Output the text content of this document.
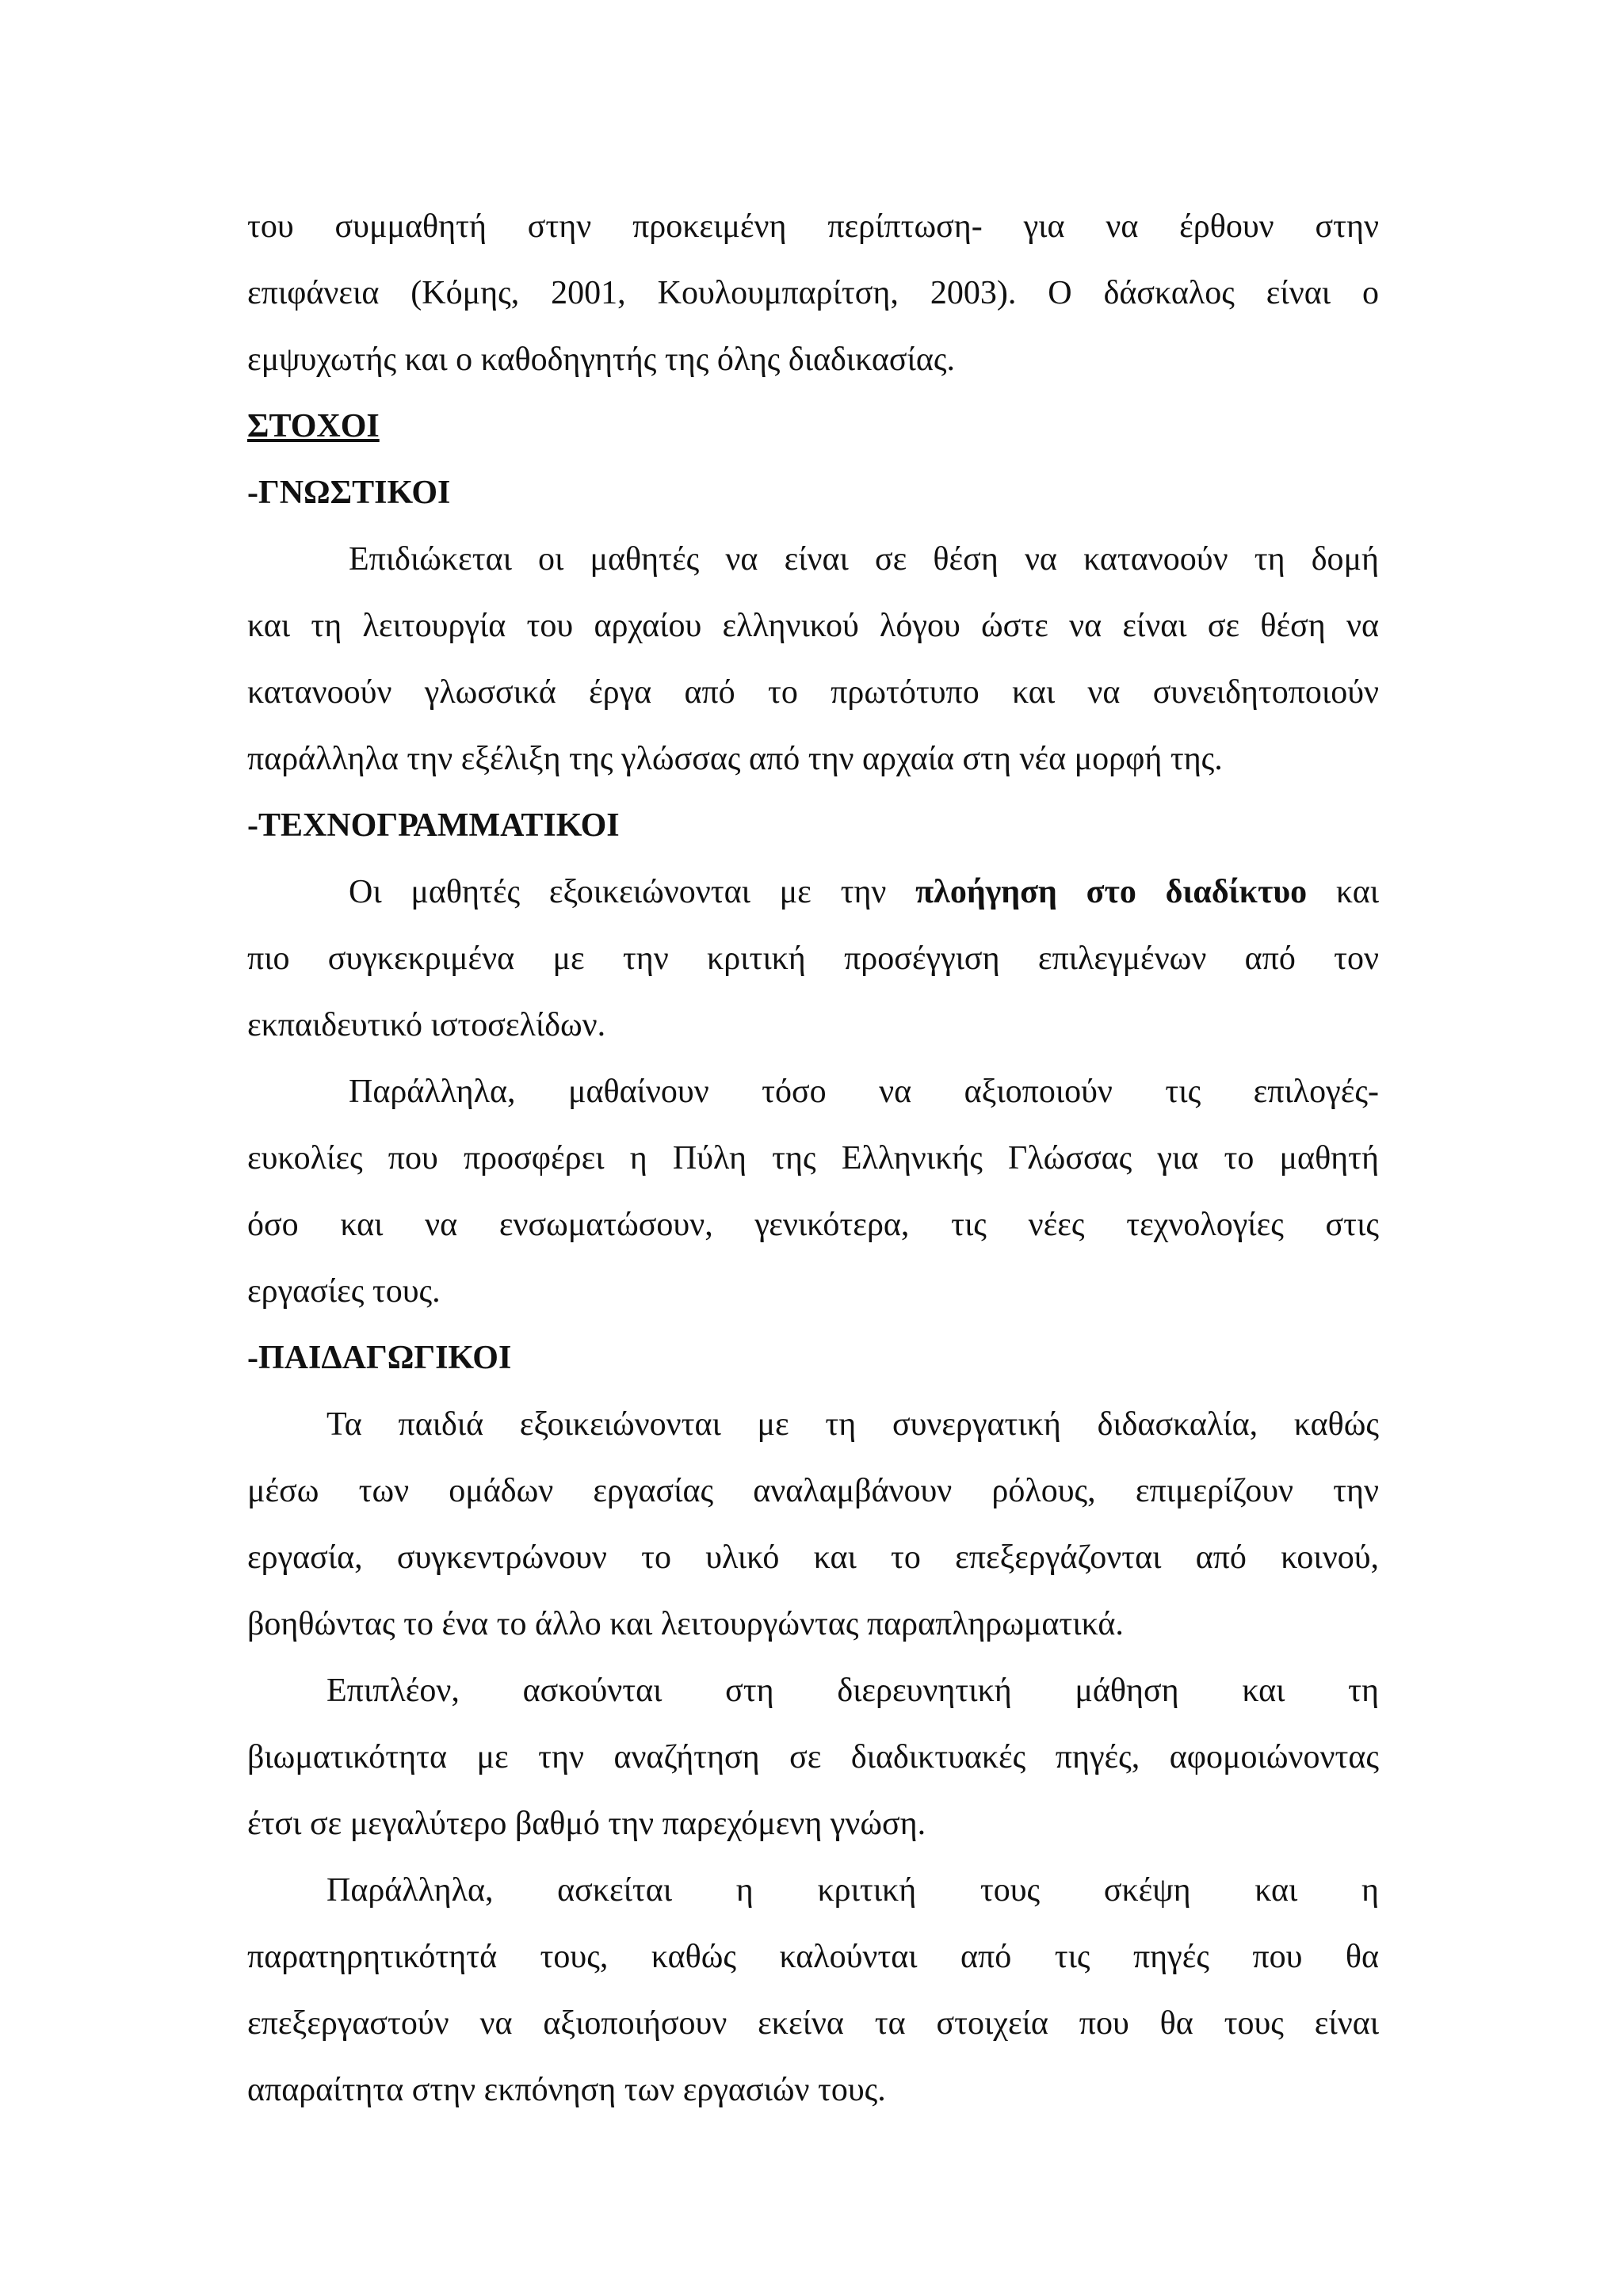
του συμμαθητή στην προκειμένη περίπτωση- για να έρθουν στην
επιφάνεια (Κόμης, 2001, Κουλουμπαρίτση, 2003). Ο δάσκαλος είναι ο
εμψυχωτής και ο καθοδηγητής της όλης διαδικασίας.
ΣΤΟΧΟΙ
-ΓΝΩΣΤΙΚΟΙ
Επιδιώκεται οι μαθητές να είναι σε θέση να κατανοούν τη δομή
και τη λειτουργία του αρχαίου ελληνικού λόγου ώστε να είναι σε θέση να
κατανοούν γλωσσικά έργα από το πρωτότυπο και να συνειδητοποιούν
παράλληλα την εξέλιξη της γλώσσας από την αρχαία στη νέα μορφή της.
-ΤΕΧΝΟΓΡΑΜΜΑΤΙΚΟΙ
Οι μαθητές εξοικειώνονται με την πλοήγηση στο διαδίκτυο και
πιο συγκεκριμένα με την κριτική προσέγγιση επιλεγμένων από τον
εκπαιδευτικό ιστοσελίδων.
Παράλληλα, μαθαίνουν τόσο να αξιοποιούν τις επιλογές-
ευκολίες που προσφέρει η Πύλη της Ελληνικής Γλώσσας για το μαθητή
όσο και να ενσωματώσουν, γενικότερα, τις νέες τεχνολογίες στις
εργασίες τους.
-ΠΑΙΔΑΓΩΓΙΚΟΙ
Τα παιδιά εξοικειώνονται με τη συνεργατική διδασκαλία, καθώς
μέσω των ομάδων εργασίας αναλαμβάνουν ρόλους, επιμερίζουν την
εργασία, συγκεντρώνουν το υλικό και το επεξεργάζονται από κοινού,
βοηθώντας το ένα το άλλο και λειτουργώντας παραπληρωματικά.
Επιπλέον, ασκούνται στη διερευνητική μάθηση και τη
βιωματικότητα με την αναζήτηση σε διαδικτυακές πηγές, αφομοιώνοντας
έτσι σε μεγαλύτερο βαθμό την παρεχόμενη γνώση.
Παράλληλα, ασκείται η κριτική τους σκέψη και η
παρατηρητικότητά τους, καθώς καλούνται από τις πηγές που θα
επεξεργαστούν να αξιοποιήσουν εκείνα τα στοιχεία που θα τους είναι
απαραίτητα στην εκπόνηση των εργασιών τους.
